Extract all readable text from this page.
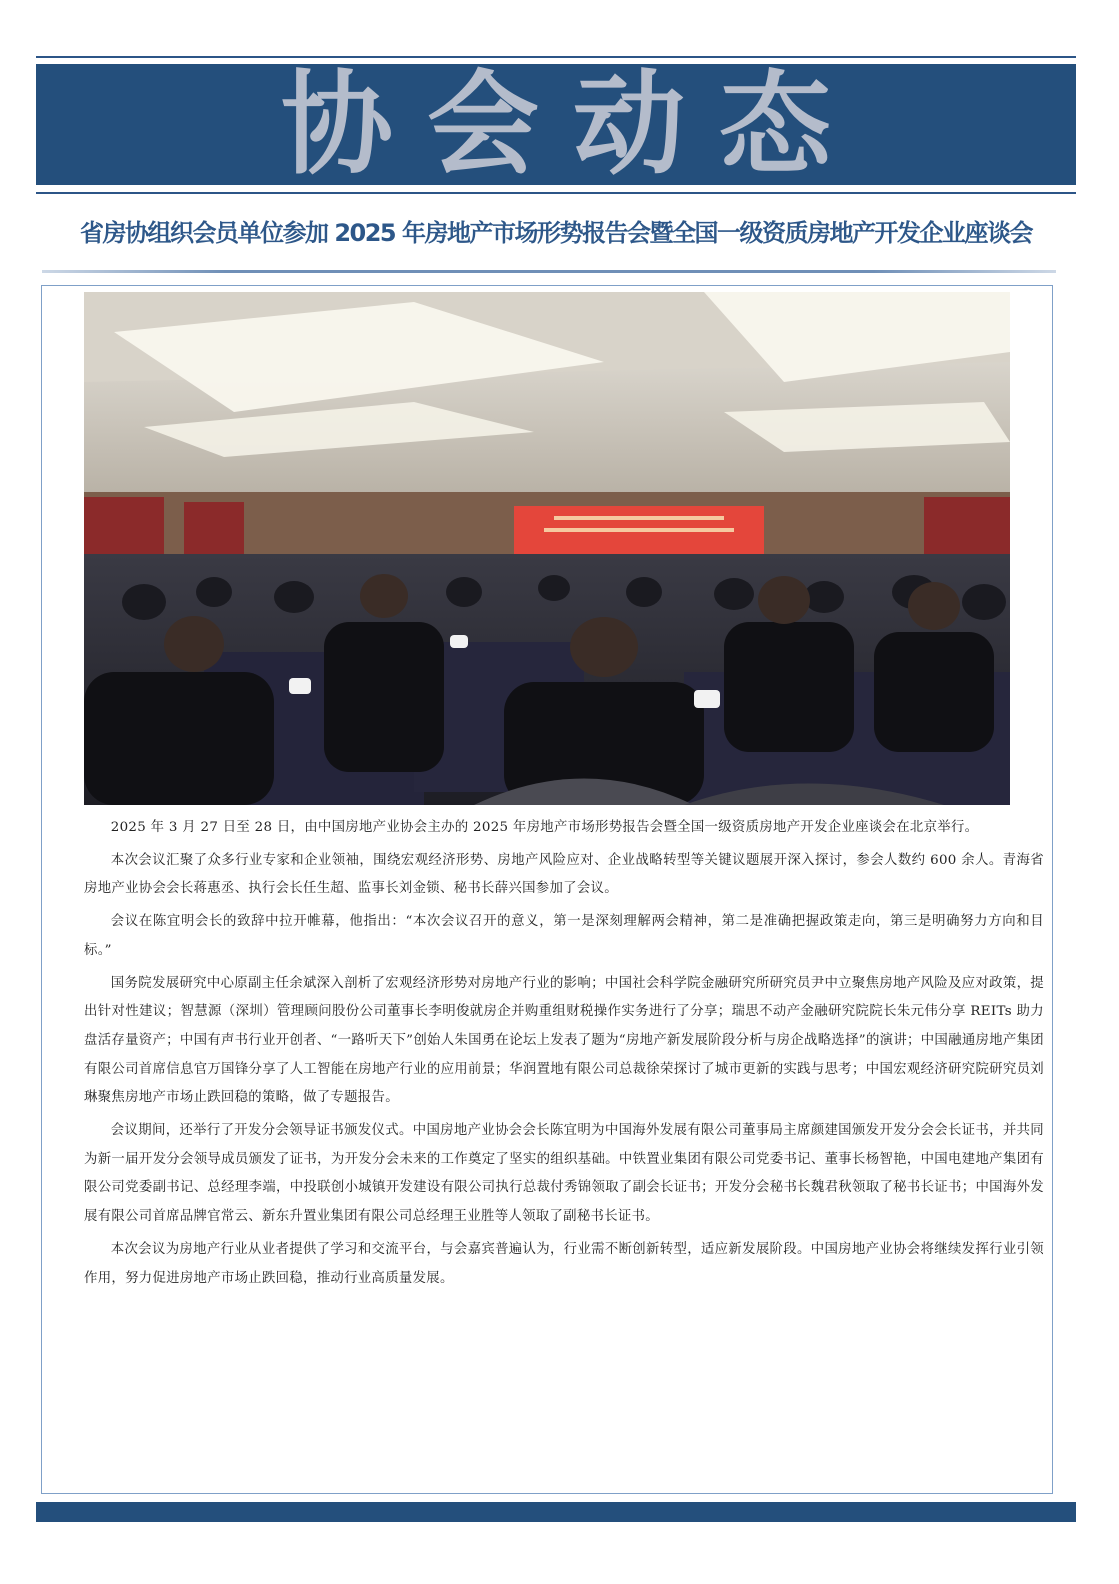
协会动态
省房协组织会员单位参加 2025 年房地产市场形势报告会暨全国一级资质房地产开发企业座谈会

2025 年 3 月 27 日至 28 日，由中国房地产业协会主办的 2025 年房地产市场形势报告会暨全国一级资质房地产开发企业座谈会在北京举行。

本次会议汇聚了众多行业专家和企业领袖，围绕宏观经济形势、房地产风险应对、企业战略转型等关键议题展开深入探讨，参会人数约 600 余人。青海省房地产业协会会长蒋惠丞、执行会长任生超、监事长刘金锁、秘书长薛兴国参加了会议。

会议在陈宜明会长的致辞中拉开帷幕，他指出：“本次会议召开的意义，第一是深刻理解两会精神，第二是准确把握政策走向，第三是明确努力方向和目标。”

国务院发展研究中心原副主任余斌深入剖析了宏观经济形势对房地产行业的影响；中国社会科学院金融研究所研究员尹中立聚焦房地产风险及应对政策，提出针对性建议；智慧源（深圳）管理顾问股份公司董事长李明俊就房企并购重组财税操作实务进行了分享；瑞思不动产金融研究院院长朱元伟分享 REITs 助力盘活存量资产；中国有声书行业开创者、“一路听天下”创始人朱国勇在论坛上发表了题为“房地产新发展阶段分析与房企战略选择”的演讲；中国融通房地产集团有限公司首席信息官万国锋分享了人工智能在房地产行业的应用前景；华润置地有限公司总裁徐荣探讨了城市更新的实践与思考；中国宏观经济研究院研究员刘琳聚焦房地产市场止跌回稳的策略，做了专题报告。

会议期间，还举行了开发分会领导证书颁发仪式。中国房地产业协会会长陈宜明为中国海外发展有限公司董事局主席颜建国颁发开发分会会长证书，并共同为新一届开发分会领导成员颁发了证书，为开发分会未来的工作奠定了坚实的组织基础。中铁置业集团有限公司党委书记、董事长杨智艳，中国电建地产集团有限公司党委副书记、总经理李端，中投联创小城镇开发建设有限公司执行总裁付秀锦领取了副会长证书；开发分会秘书长魏君秋领取了秘书长证书；中国海外发展有限公司首席品牌官常云、新东升置业集团有限公司总经理王业胜等人领取了副秘书长证书。

本次会议为房地产行业从业者提供了学习和交流平台，与会嘉宾普遍认为，行业需不断创新转型，适应新发展阶段。中国房地产业协会将继续发挥行业引领作用，努力促进房地产市场止跌回稳，推动行业高质量发展。
